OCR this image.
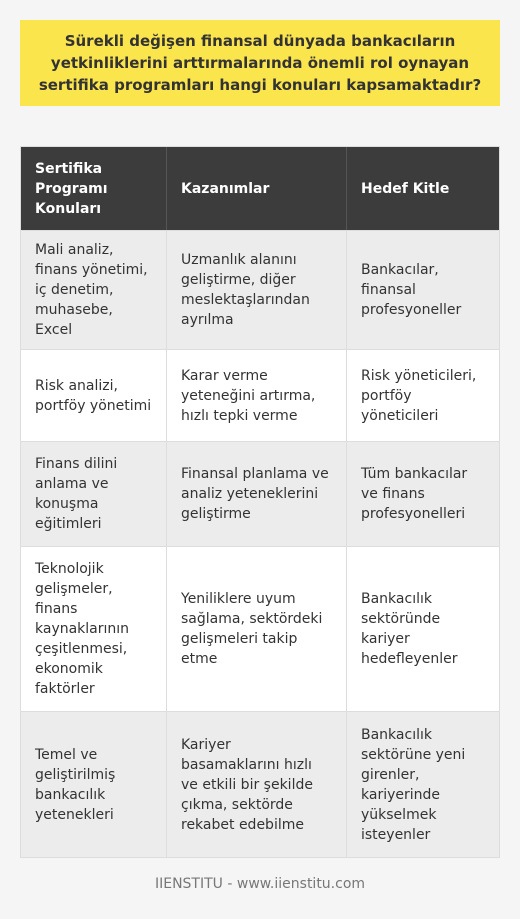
Sürekli değişen finansal dünyada bankacıların yetkinliklerini arttırmalarında önemli rol oynayan sertifika programları hangi konuları kapsamaktadır?
Sertifika Programı Konuları
Kazanımlar	Hedef Kitle
Mali analiz, finans yönetimi, iç denetim, muhasebe, Excel
Uzmanlık alanını geliştirme, diğer meslektaşlarından ayrılma
Bankacılar, finansal profesyoneller
Risk analizi, portföy yönetimi
Karar verme yeteneğini artırma, hızlı tepki verme
Risk yöneticileri, portföy yöneticileri
Finans dilini anlama ve konuşma eğitimleri
Finansal planlama ve analiz yeteneklerini geliştirme
Tüm bankacılar ve finans profesyonelleri
Teknolojik gelişmeler, finans kaynaklarının çeşitlenmesi, ekonomik faktörler
Yeniliklere uyum sağlama, sektördeki gelişmeleri takip etme
Bankacılık sektöründe kariyer hedefleyenler
Temel ve geliştirilmiş bankacılık yetenekleri
Kariyer basamaklarını hızlı ve etkili bir şekilde çıkma, sektörde rekabet edebilme
Bankacılık sektörüne yeni girenler, kariyerinde yükselmek isteyenler
IIENSTITU - www.iienstitu.com
